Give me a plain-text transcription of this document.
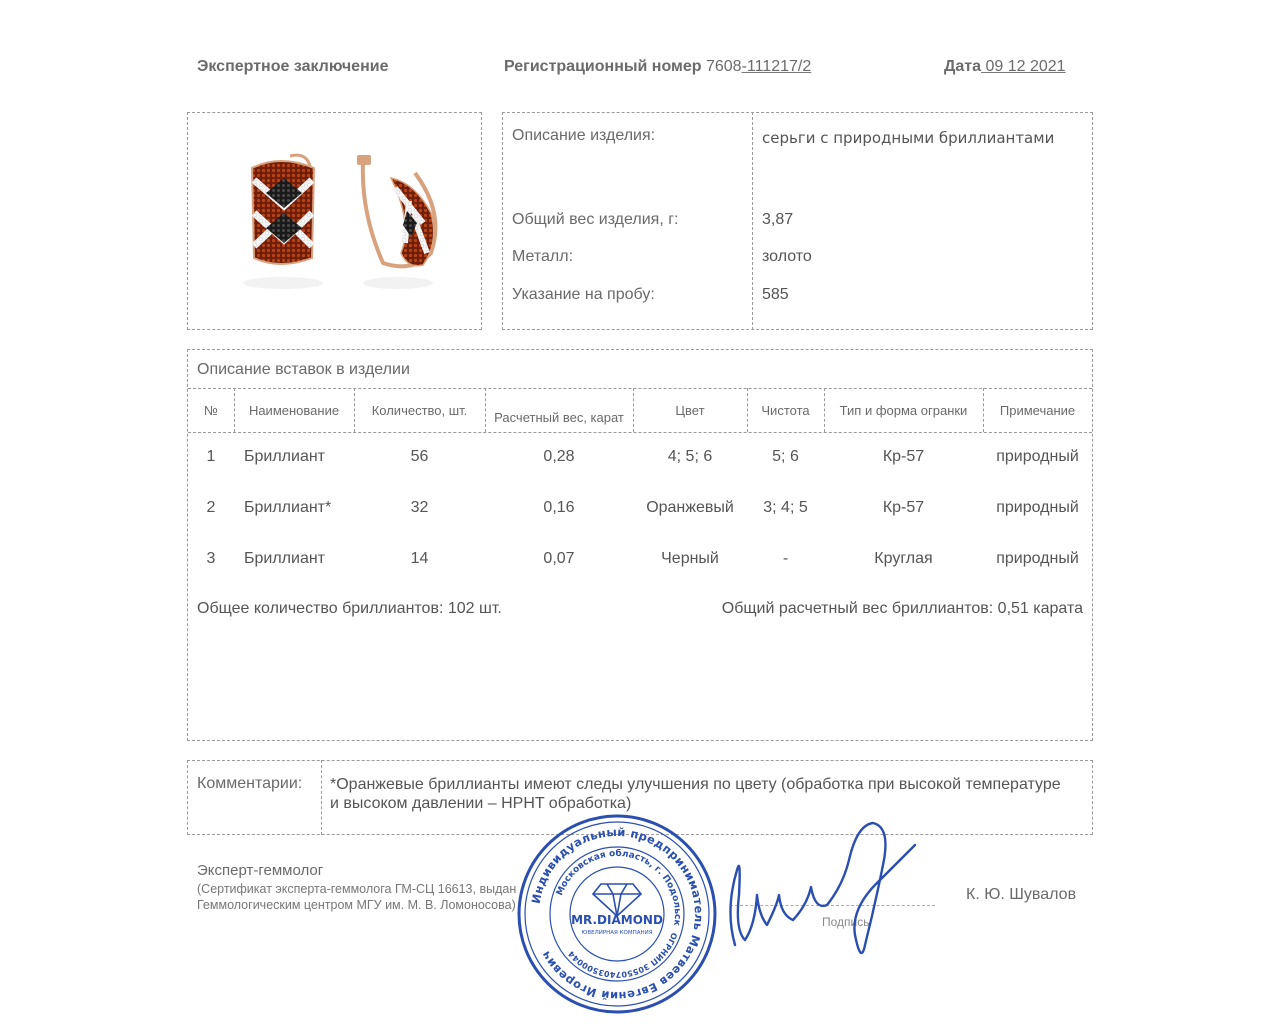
Экспертное заключение	Регистрационный номер 7608-111217/2	Дата 09 12 2021
Описание изделия:	серьги с природными бриллиантами
Общий вес изделия, г:	3,87
Металл:	золото
Указание на пробу:	585
Описание вставок в изделии
№	Наименование	Количество, шт.	Расчетный вес, карат	Цвет	Чистота	Тип и форма огранки	Примечание
1	Бриллиант	56	0,28	4; 5; 6	5; 6	Кр-57	природный
2	Бриллиант*	32	0,16	Оранжевый	3; 4; 5	Кр-57	природный
3	Бриллиант	14	0,07	Черный	-	Круглая	природный
Общее количество бриллиантов: 102 шт.	Общий расчетный вес бриллиантов: 0,51 карата
Комментарии: *Оранжевые бриллианты имеют следы улучшения по цвету (обработка при высокой температуре и высоком давлении – HPHT обработка)
Эксперт-геммолог
(Сертификат эксперта-геммолога ГМ-СЦ 16613, выдан Геммологическим центром МГУ им. М. В. Ломоносова)
Подпись
К. Ю. Шувалов
Индивидуальный предприниматель Матвеев Евгений Игоревич
Московская область, г. Подольск
ОГРНИП 305507403500044
MR.DIAMOND
ЮВЕЛИРНАЯ КОМПАНИЯ
